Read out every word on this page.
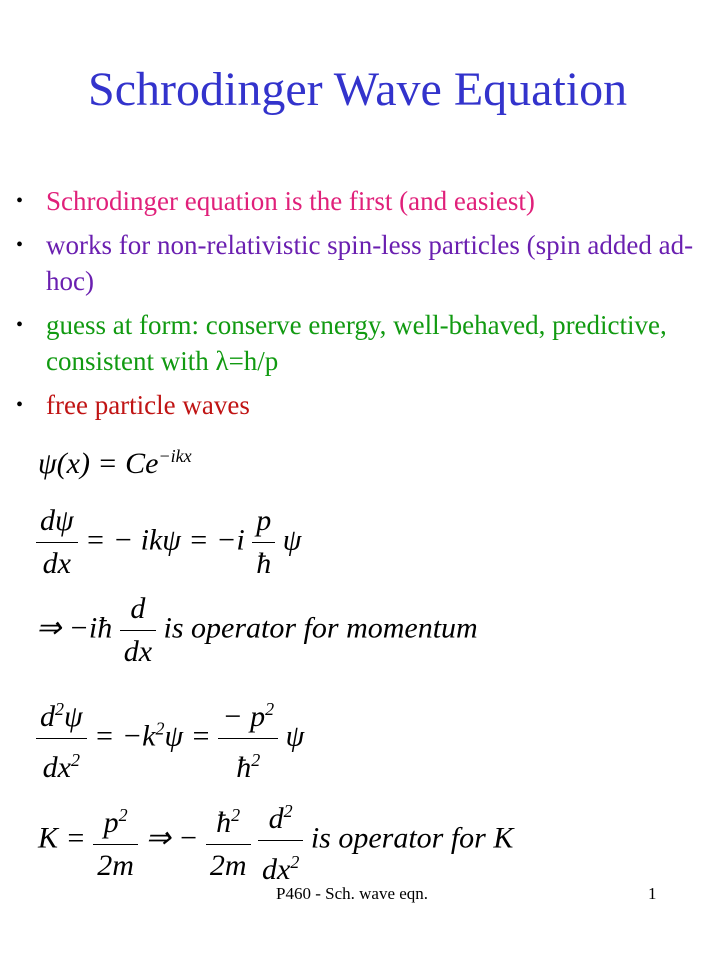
Schrodinger Wave Equation
• Schrodinger equation is the first (and easiest)
• works for non-relativistic spin-less particles (spin added ad-hoc)
• guess at form: conserve energy, well-behaved, predictive, consistent with λ=h/p
• free particle waves
$\psi(x) = Ce^{-ikx}$
$\frac{d\psi}{dx}$ = − $ik\psi = -i \frac{p}{ħ}$ ψ
⇒ −iħ $\frac{d}{dx}$ is operator for momentum
$\frac{d^2\psi}{dx^2} = -k^2\psi = \frac{- p^2}{ħ^2}$ ψ
$K = \frac{p^2}{2m}$ ⇒ − $\frac{ħ^2}{2m}$
$\frac{d^2}{dx^2}$ is operator for K
P460 - Sch. wave eqn.	1
